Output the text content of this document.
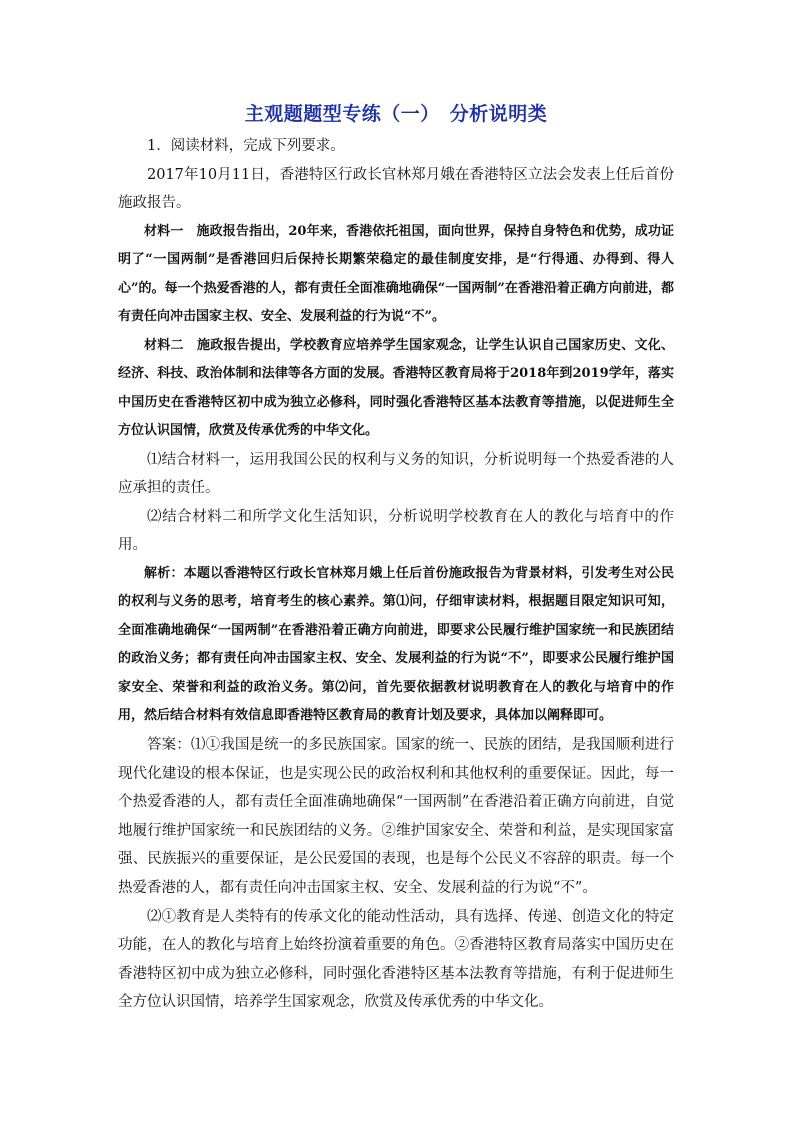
主观题题型专练（一）　分析说明类

1．阅读材料，完成下列要求。

2017年10月11日，香港特区行政长官林郑月娥在香港特区立法会发表上任后首份施政报告。

材料一　施政报告指出，20年来，香港依托祖国，面向世界，保持自身特色和优势，成功证明了“一国两制”是香港回归后保持长期繁荣稳定的最佳制度安排，是“行得通、办得到、得人心”的。每一个热爱香港的人，都有责任全面准确地确保“一国两制”在香港沿着正确方向前进，都有责任向冲击国家主权、安全、发展利益的行为说“不”。

材料二　施政报告提出，学校教育应培养学生国家观念，让学生认识自己国家历史、文化、经济、科技、政治体制和法律等各方面的发展。香港特区教育局将于2018年到2019学年，落实中国历史在香港特区初中成为独立必修科，同时强化香港特区基本法教育等措施，以促进师生全方位认识国情，欣赏及传承优秀的中华文化。

⑴结合材料一，运用我国公民的权利与义务的知识，分析说明每一个热爱香港的人应承担的责任。

⑵结合材料二和所学文化生活知识，分析说明学校教育在人的教化与培育中的作用。

解析：本题以香港特区行政长官林郑月娥上任后首份施政报告为背景材料，引发考生对公民的权利与义务的思考，培育考生的核心素养。第⑴问，仔细审读材料，根据题目限定知识可知，全面准确地确保“一国两制”在香港沿着正确方向前进，即要求公民履行维护国家统一和民族团结的政治义务；都有责任向冲击国家主权、安全、发展利益的行为说“不”，即要求公民履行维护国家安全、荣誉和利益的政治义务。第⑵问，首先要依据教材说明教育在人的教化与培育中的作用，然后结合材料有效信息即香港特区教育局的教育计划及要求，具体加以阐释即可。

答案：⑴①我国是统一的多民族国家。国家的统一、民族的团结，是我国顺利进行现代化建设的根本保证，也是实现公民的政治权利和其他权利的重要保证。因此，每一个热爱香港的人，都有责任全面准确地确保“一国两制”在香港沿着正确方向前进，自觉地履行维护国家统一和民族团结的义务。②维护国家安全、荣誉和利益，是实现国家富强、民族振兴的重要保证，是公民爱国的表现，也是每个公民义不容辞的职责。每一个热爱香港的人，都有责任向冲击国家主权、安全、发展利益的行为说“不”。

⑵①教育是人类特有的传承文化的能动性活动，具有选择、传递、创造文化的特定功能，在人的教化与培育上始终扮演着重要的角色。②香港特区教育局落实中国历史在香港特区初中成为独立必修科，同时强化香港特区基本法教育等措施，有利于促进师生全方位认识国情，培养学生国家观念，欣赏及传承优秀的中华文化。
